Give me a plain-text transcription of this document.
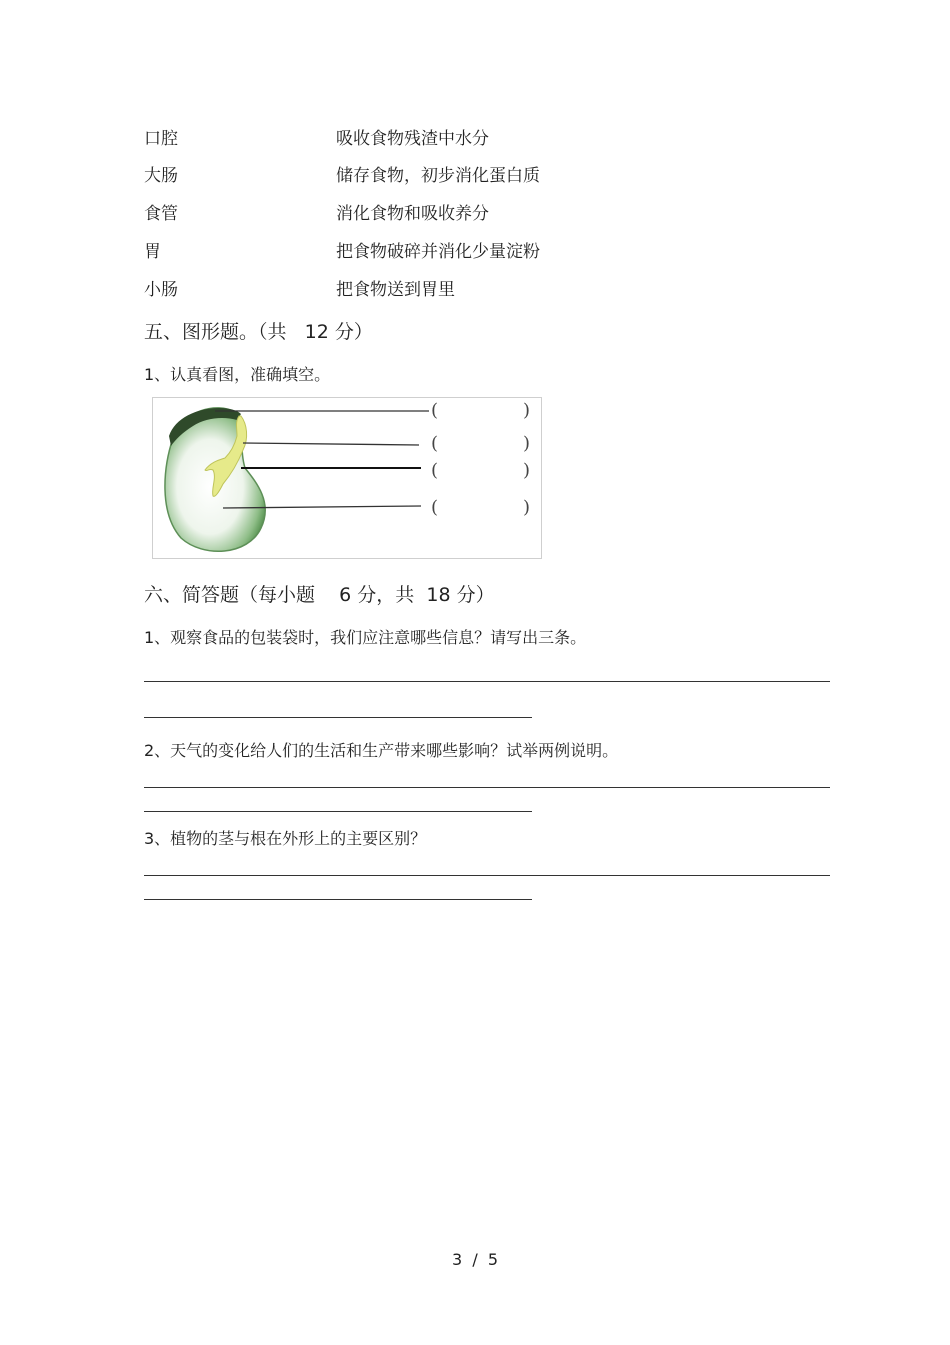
口腔	吸收食物残渣中水分
大肠	储存食物，初步消化蛋白质
食管	消化食物和吸收养分
胃	把食物破碎并消化少量淀粉
小肠	把食物送到胃里
五、图形题。（共   12 分）
1、认真看图，准确填空。
(	)
(	)
(	)
(	)
六、简答题（每小题    6 分，共  18 分）
1、观察食品的包装袋时，我们应注意哪些信息？请写出三条。
2、天气的变化给人们的生活和生产带来哪些影响？试举两例说明。
3、植物的茎与根在外形上的主要区别？
3  /  5
